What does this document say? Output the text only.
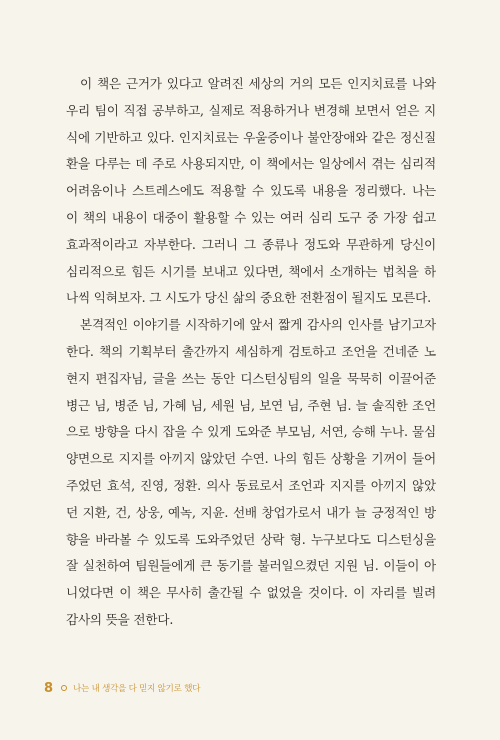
이 책은 근거가 있다고 알려진 세상의 거의 모든 인지치료를 나와
우리 팀이 직접 공부하고, 실제로 적용하거나 변경해 보면서 얻은 지
식에 기반하고 있다. 인지치료는 우울증이나 불안장애와 같은 정신질
환을 다루는 데 주로 사용되지만, 이 책에서는 일상에서 겪는 심리적
어려움이나 스트레스에도 적용할 수 있도록 내용을 정리했다. 나는
이 책의 내용이 대중이 활용할 수 있는 여러 심리 도구 중 가장 쉽고
효과적이라고 자부한다. 그러니 그 종류나 정도와 무관하게 당신이
심리적으로 힘든 시기를 보내고 있다면, 책에서 소개하는 법칙을 하
나씩 익혀보자. 그 시도가 당신 삶의 중요한 전환점이 될지도 모른다.
본격적인 이야기를 시작하기에 앞서 짧게 감사의 인사를 남기고자
한다. 책의 기획부터 출간까지 세심하게 검토하고 조언을 건네준 노
현지 편집자님, 글을 쓰는 동안 디스턴싱팀의 일을 묵묵히 이끌어준
병근 님, 병준 님, 가혜 님, 세원 님, 보연 님, 주현 님. 늘 솔직한 조언
으로 방향을 다시 잡을 수 있게 도와준 부모님, 서연, 승해 누나. 물심
양면으로 지지를 아끼지 않았던 수연. 나의 힘든 상황을 기꺼이 들어
주었던 효석, 진영, 정환. 의사 동료로서 조언과 지지를 아끼지 않았
던 지환, 건, 상웅, 예녹, 지윤. 선배 창업가로서 내가 늘 긍정적인 방
향을 바라볼 수 있도록 도와주었던 상락 형. 누구보다도 디스턴싱을
잘 실천하여 팀원들에게 큰 동기를 불러일으켰던 지원 님. 이들이 아
니었다면 이 책은 무사히 출간될 수 없었을 것이다. 이 자리를 빌려
감사의 뜻을 전한다.
8 나는 내 생각을 다 믿지 않기로 했다
